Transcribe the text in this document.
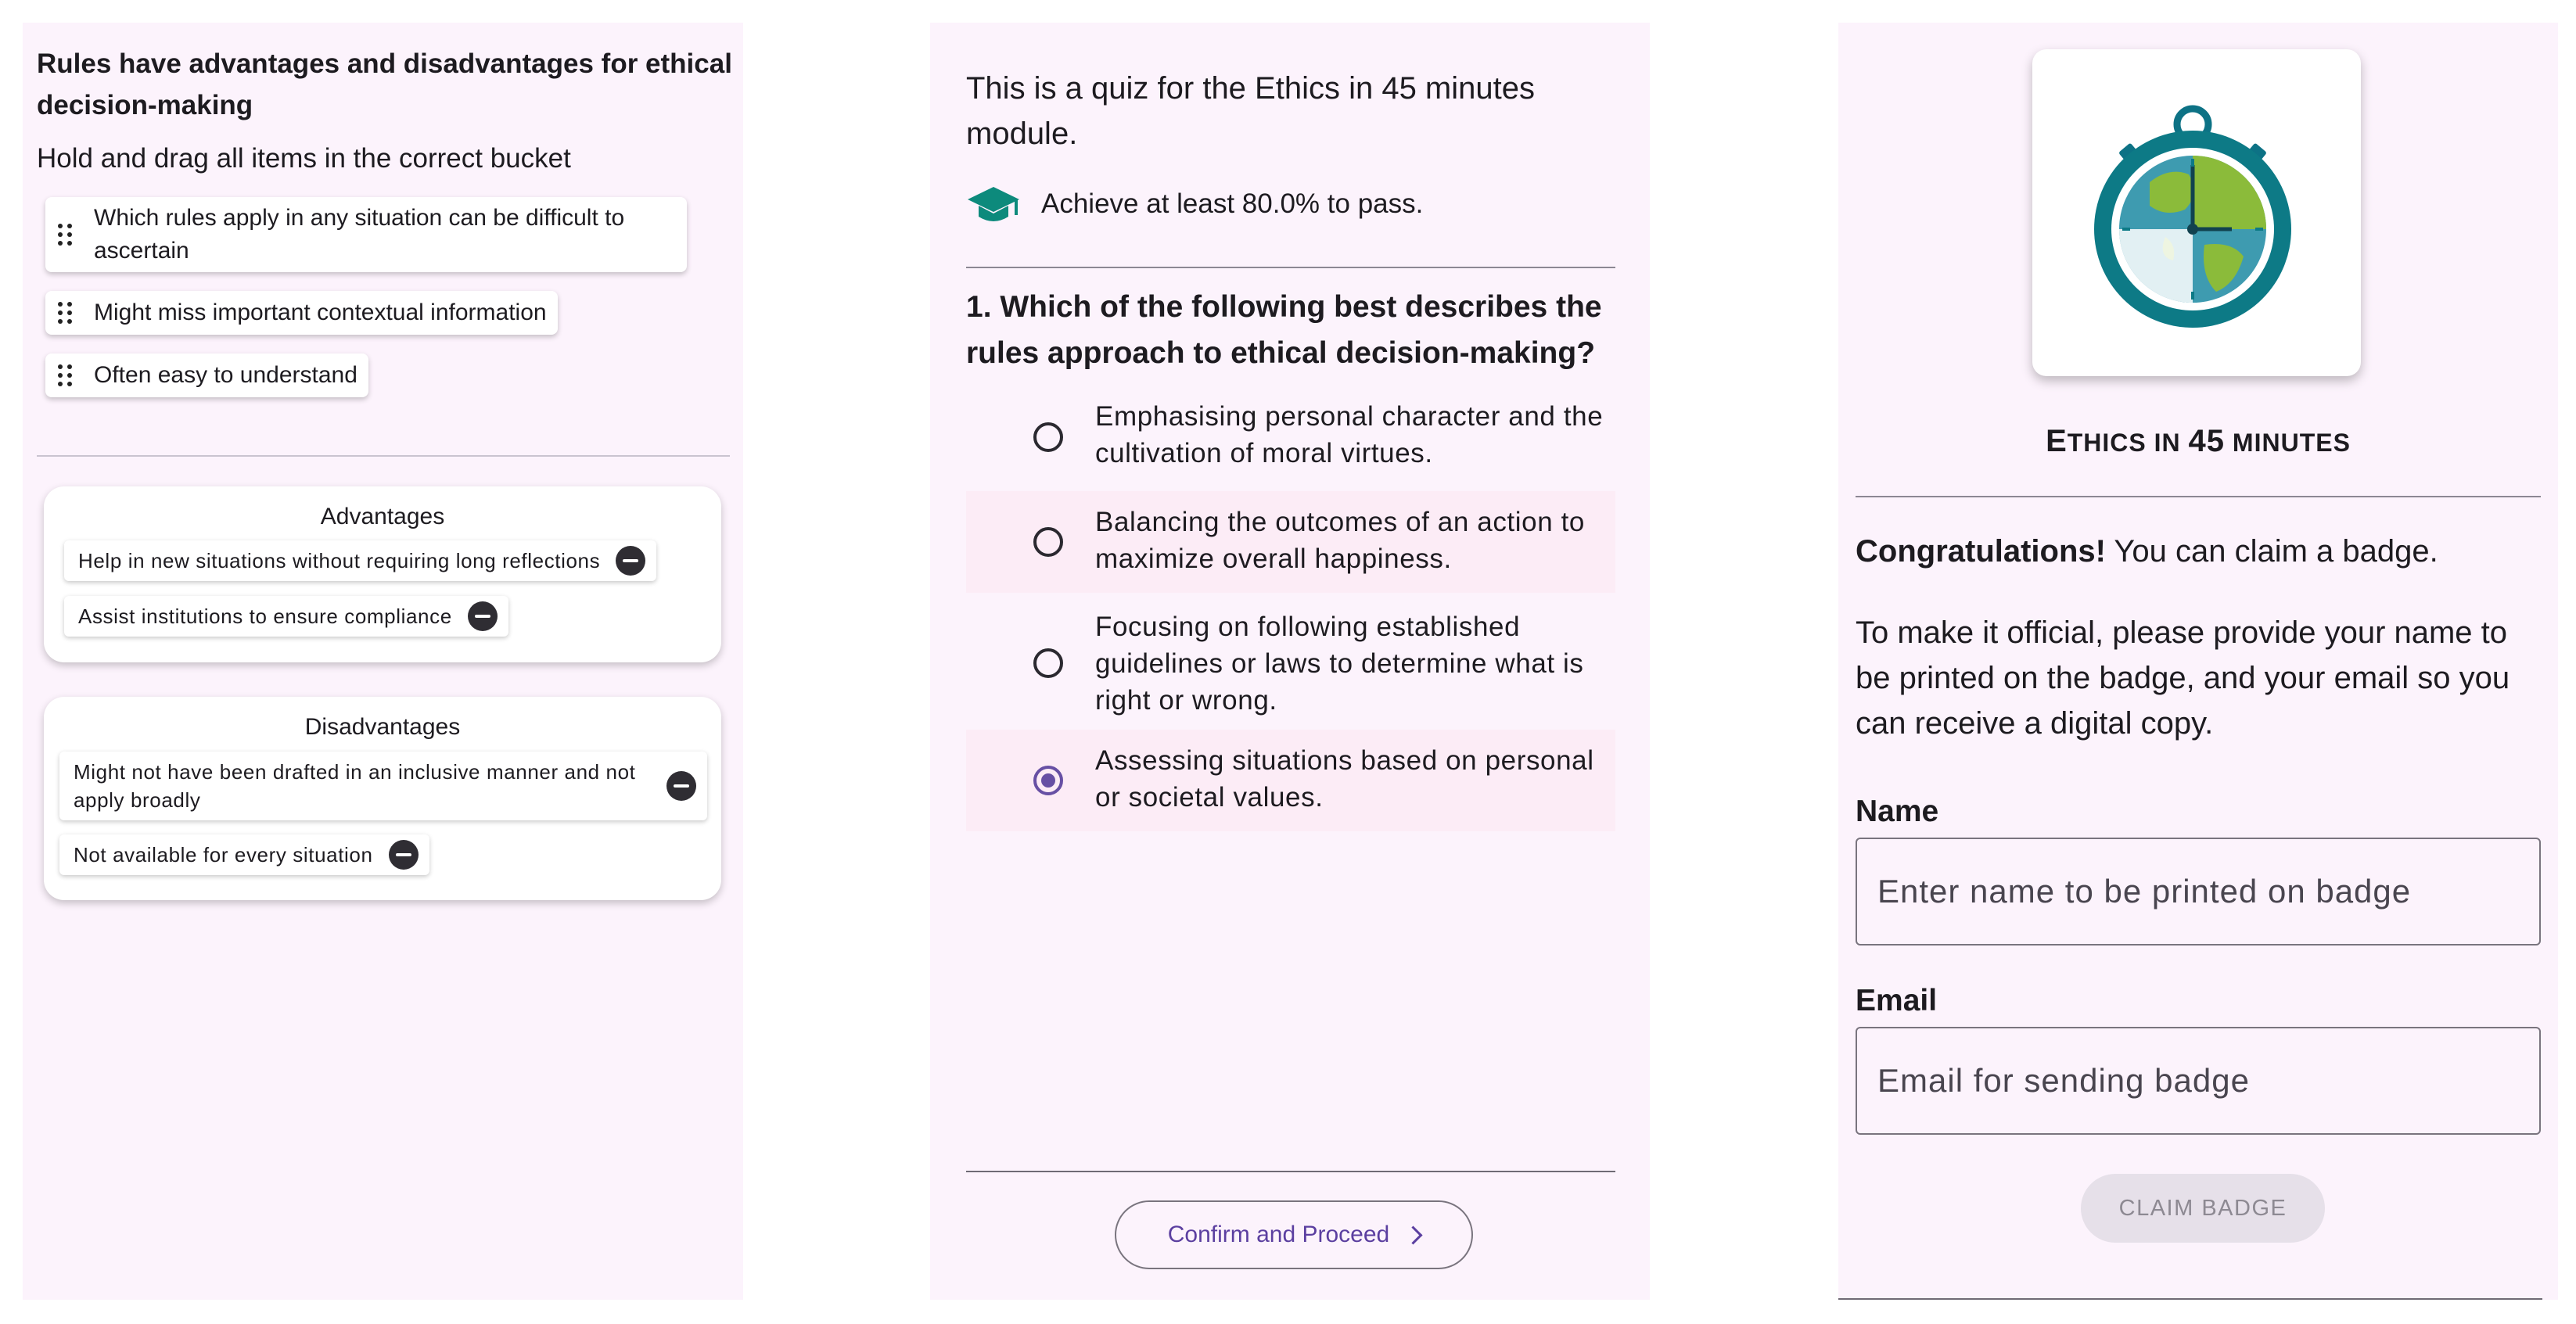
Rules have advantages and disadvantages for ethical decision-making
Hold and drag all items in the correct bucket
Which rules apply in any situation can be difficult to ascertain
Might miss important contextual information
Often easy to understand
Advantages
Help in new situations without requiring long reflections
Assist institutions to ensure compliance
Disadvantages
Might not have been drafted in an inclusive manner and not apply broadly
Not available for every situation
This is a quiz for the Ethics in 45 minutes module.
Achieve at least 80.0% to pass.
1. Which of the following best describes the rules approach to ethical decision-making?
Emphasising personal character and the cultivation of moral virtues.
Balancing the outcomes of an action to maximize overall happiness.
Focusing on following established guidelines or laws to determine what is right or wrong.
Assessing situations based on personal or societal values.
Confirm and Proceed
ETHICS IN 45 MINUTES
Congratulations! You can claim a badge.
To make it official, please provide your name to be printed on the badge, and your email so you can receive a digital copy.
Name
Enter name to be printed on badge
Email
Email for sending badge
CLAIM BADGE
